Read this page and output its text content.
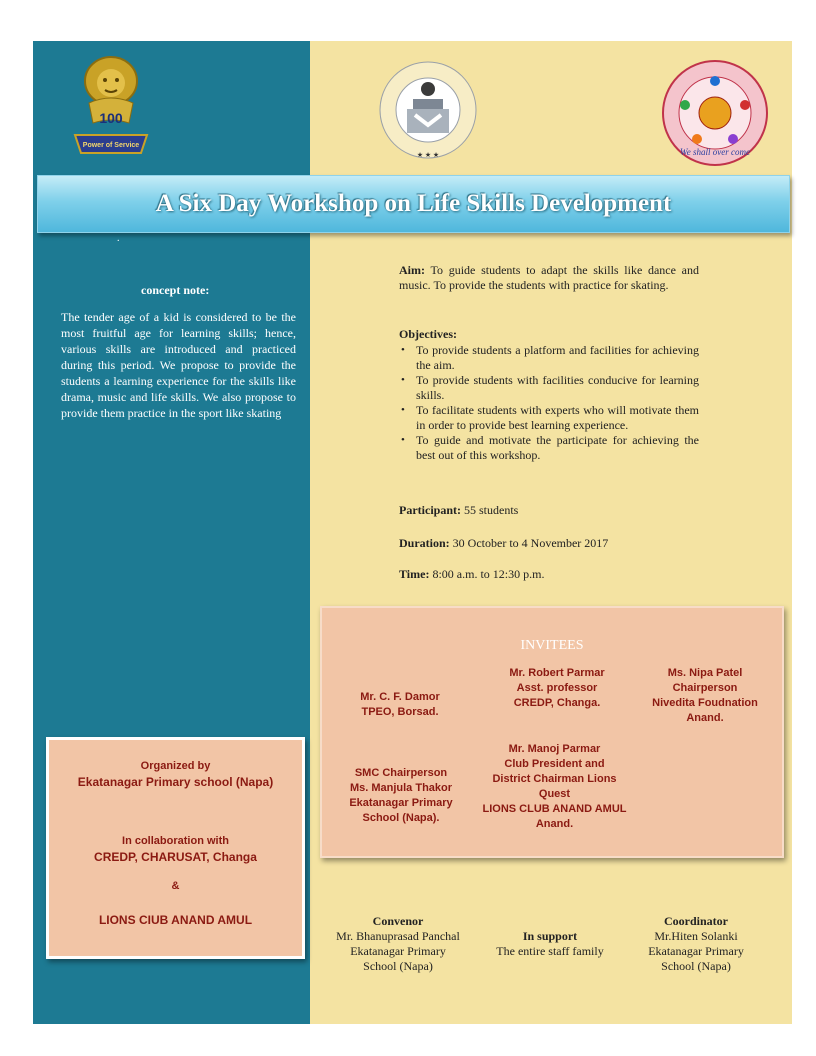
100
Power of Service
★ ★ ★	We shall over come
A Six Day Workshop on Life Skills Development
.
concept note:
The tender age of a kid is considered to be the most fruitful age for learning skills; hence, various skills are introduced and practiced during this period. We propose to provide the students a learning experience for the skills like drama, music and life skills. We also propose to provide them practice in the sport like skating
Aim: To guide students to adapt the skills like dance and music. To provide the students with practice for skating.
Objectives:
• To provide students a platform and facilities for achieving the aim.
• To provide students with facilities conducive for learning skills.
• To facilitate students with experts who will motivate them in order to provide best learning experience.
• To guide and motivate the participate for achieving the best out of this workshop.
Participant: 55 students
Duration: 30 October to 4 November 2017
Time: 8:00 a.m. to 12:30 p.m.
INVITEES
Mr. C. F. Damor
TPEO, Borsad.
Mr. Robert Parmar
Asst. professor
CREDP, Changa.
Ms. Nipa Patel
Chairperson
Nivedita Foudnation
Anand.
SMC Chairperson
Ms. Manjula Thakor
Ekatanagar Primary
School (Napa).
Mr. Manoj Parmar
Club President and
District Chairman Lions
Quest
LIONS CLUB ANAND AMUL
Anand.
Organized by
Ekatanagar Primary school (Napa)
In collaboration with
CREDP, CHARUSAT, Changa
&
LIONS CIUB ANAND AMUL	Convenor
Mr. Bhanuprasad Panchal
Ekatanagar Primary
School (Napa)
In support
The entire staff family
Coordinator
Mr.Hiten Solanki
Ekatanagar Primary
School (Napa)
